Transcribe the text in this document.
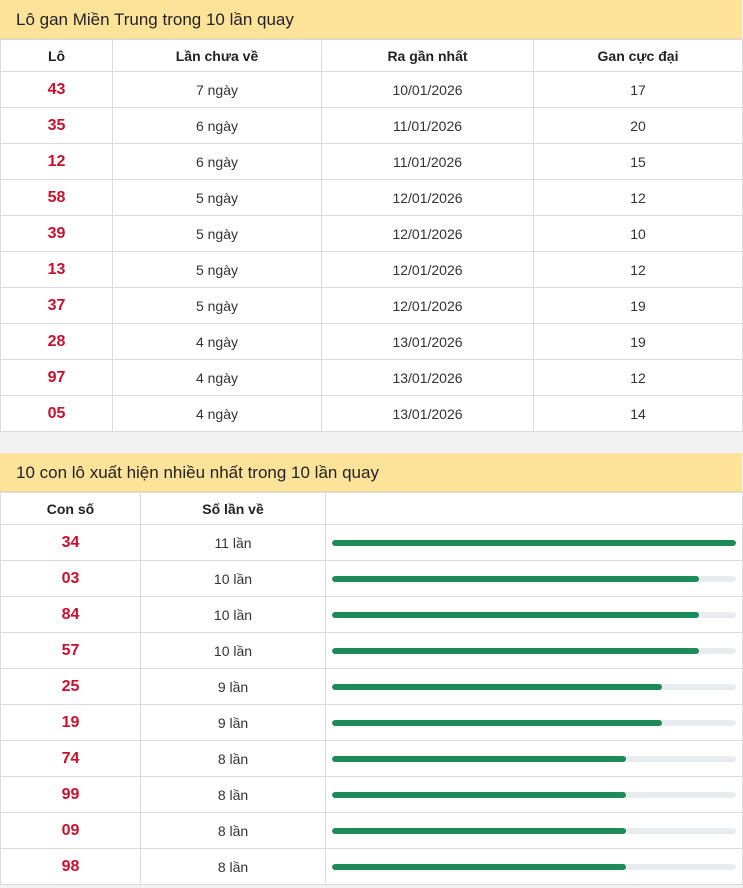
Lô gan Miền Trung trong 10 lần quay
Lô	Lần chưa về	Ra gần nhất	Gan cực đại
43	7 ngày	10/01/2026	17
35	6 ngày	11/01/2026	20
12	6 ngày	11/01/2026	15
58	5 ngày	12/01/2026	12
39	5 ngày	12/01/2026	10
13	5 ngày	12/01/2026	12
37	5 ngày	12/01/2026	19
28	4 ngày	13/01/2026	19
97	4 ngày	13/01/2026	12
05	4 ngày	13/01/2026	14
10 con lô xuất hiện nhiều nhất trong 10 lần quay
Con số	Số lần về	
34	11 lần	

03	10 lần	

84	10 lần	

57	10 lần	

25	9 lần	

19	9 lần	

74	8 lần	

99	8 lần	

09	8 lần	

98	8 lần	
